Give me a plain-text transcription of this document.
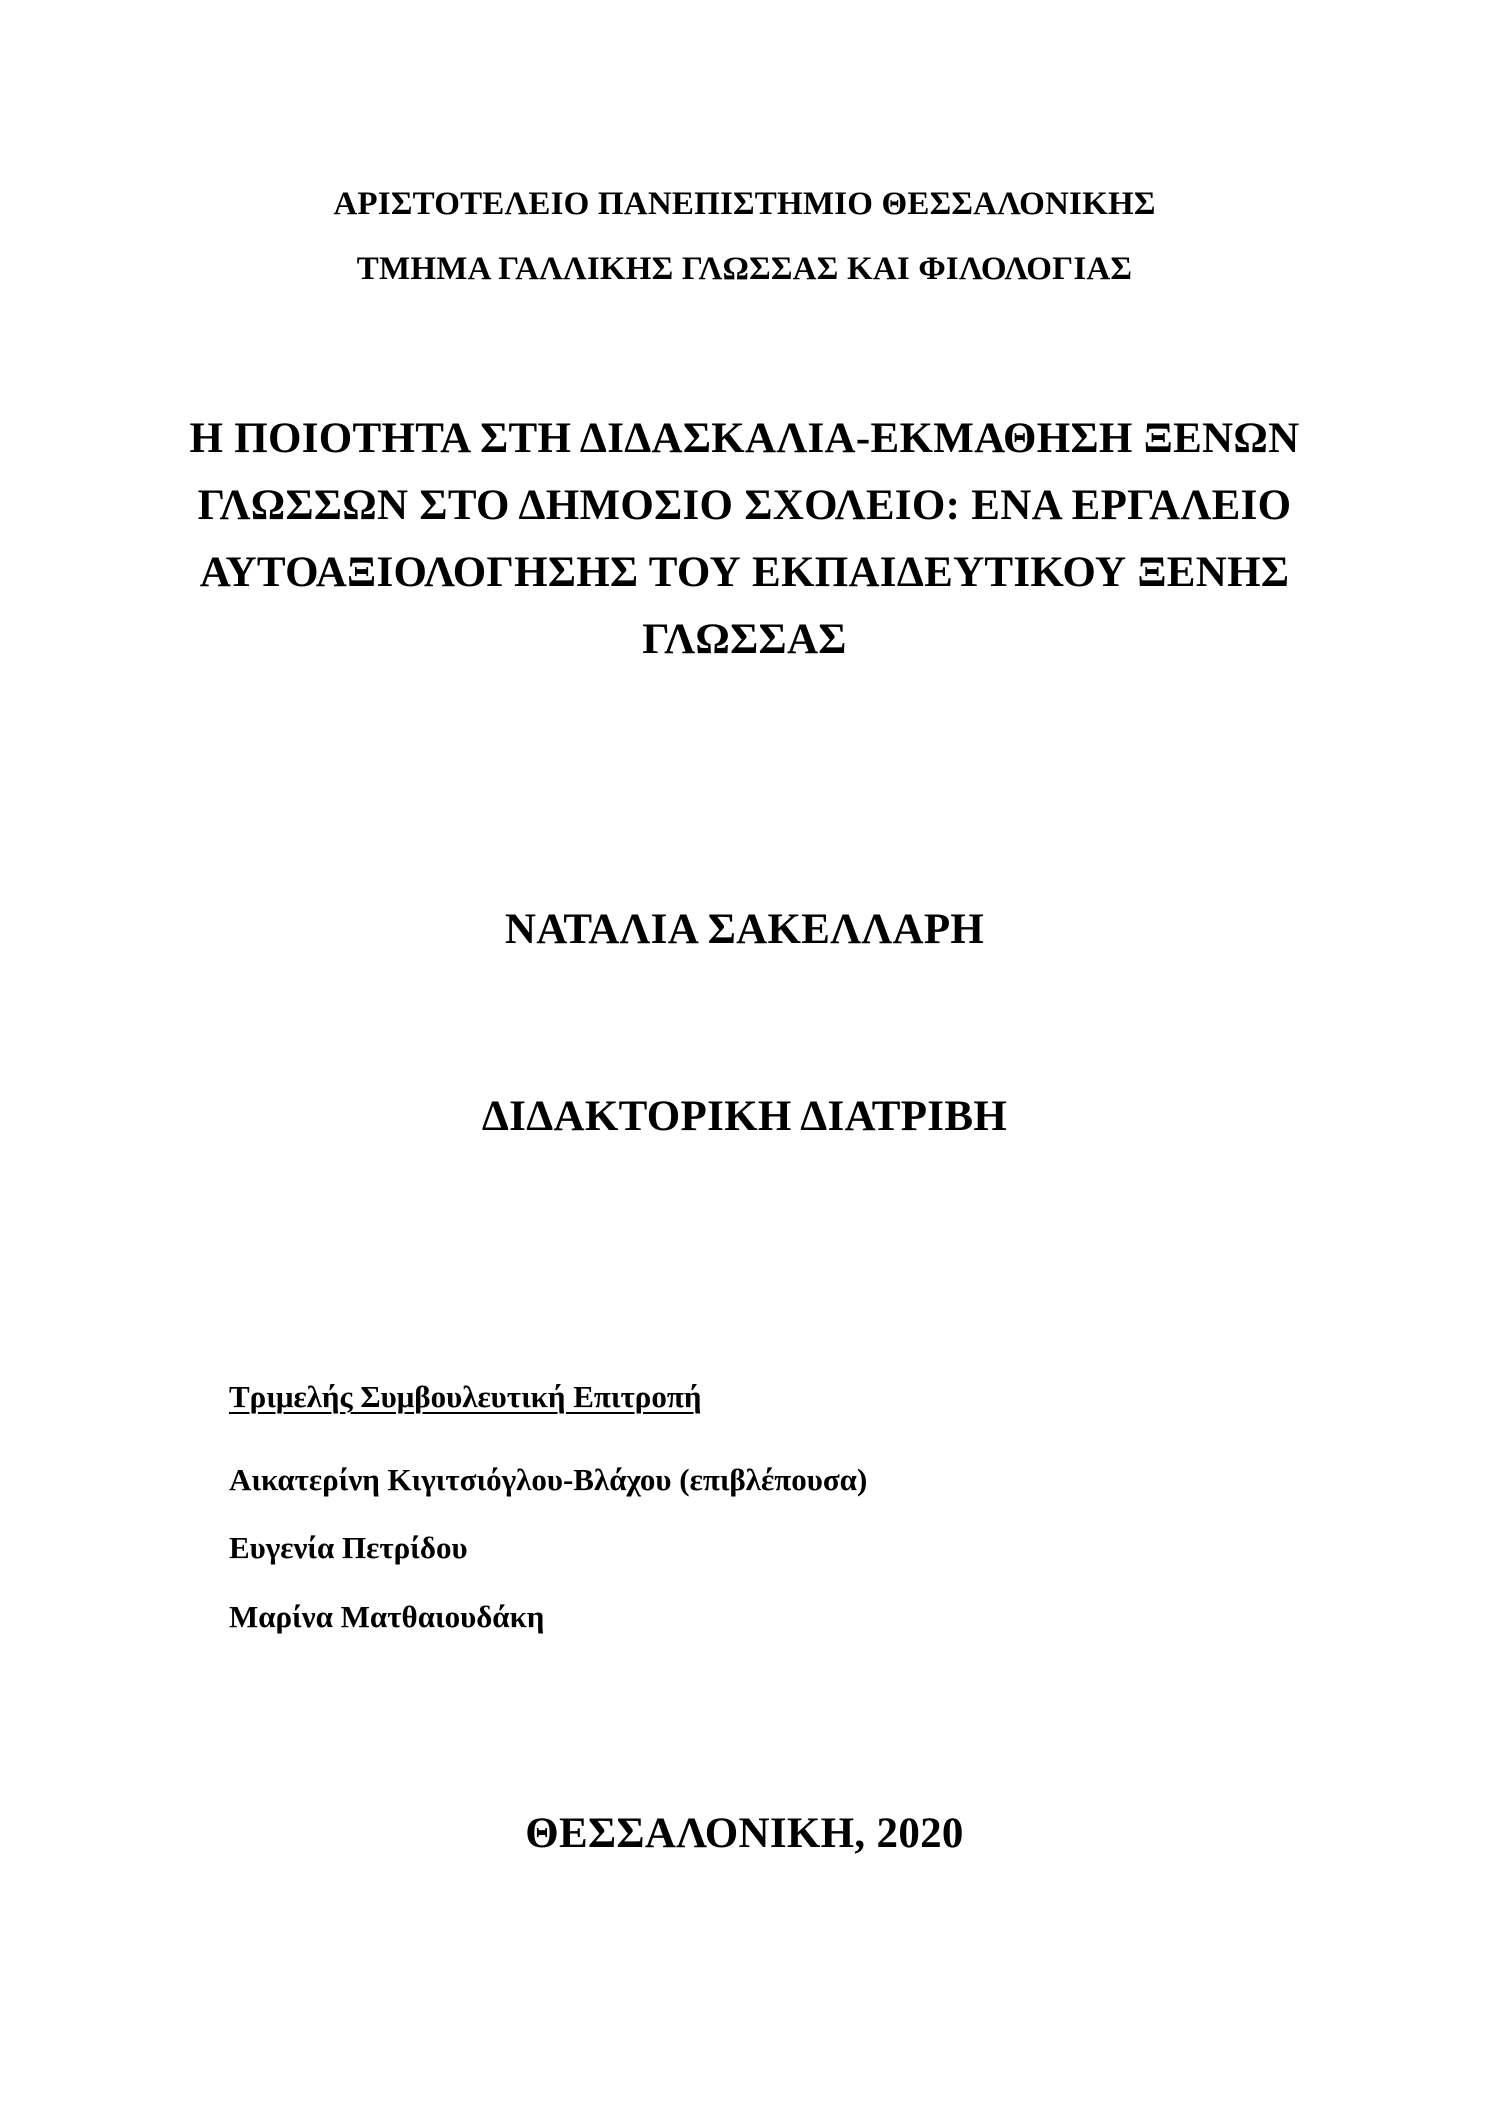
ΑΡΙΣΤΟΤΕΛΕΙΟ ΠΑΝΕΠΙΣΤΗΜΙΟ ΘΕΣΣΑΛΟΝΙΚΗΣ
ΤΜΗΜΑ ΓΑΛΛΙΚΗΣ ΓΛΩΣΣΑΣ ΚΑΙ ΦΙΛΟΛΟΓΙΑΣ
Η ΠΟΙΟΤΗΤΑ ΣΤΗ ΔΙΔΑΣΚΑΛΙΑ-ΕΚΜΑΘΗΣΗ ΞΕΝΩΝ
ΓΛΩΣΣΩΝ ΣΤΟ ΔΗΜΟΣΙΟ ΣΧΟΛΕΙΟ: ΕΝΑ ΕΡΓΑΛΕΙΟ
ΑΥΤΟΑΞΙΟΛΟΓΗΣΗΣ ΤΟΥ ΕΚΠΑΙΔΕΥΤΙΚΟΥ ΞΕΝΗΣ
ΓΛΩΣΣΑΣ
ΝΑΤΑΛΙΑ ΣΑΚΕΛΛΑΡΗ
ΔΙΔΑΚΤΟΡΙΚΗ ΔΙΑΤΡΙΒΗ
Τριμελής Συμβουλευτική Επιτροπή
Αικατερίνη Κιγιτσιόγλου-Βλάχου (επιβλέπουσα)
Ευγενία Πετρίδου
Μαρίνα Ματθαιουδάκη
ΘΕΣΣΑΛΟΝΙΚΗ, 2020
